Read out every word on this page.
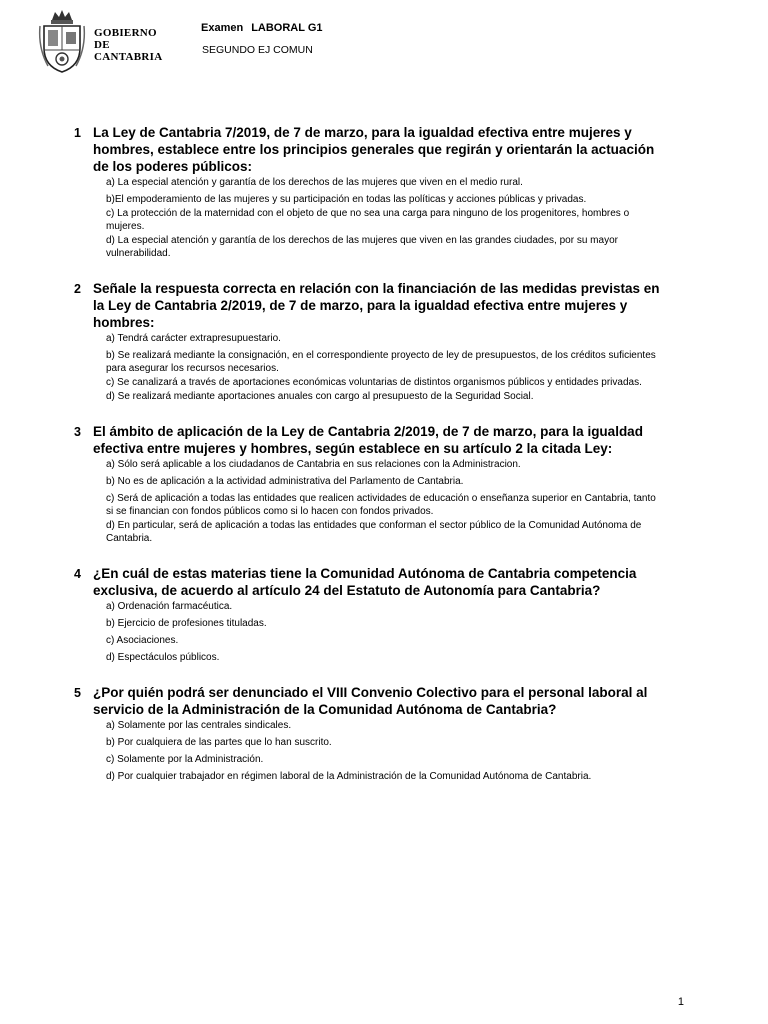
GOBIERNO
DE
CANTABRIA
Examen LABORAL G1
SEGUNDO EJ COMUN
1 La Ley de Cantabria 7/2019, de 7 de marzo, para la igualdad efectiva entre mujeres y hombres, establece entre los principios generales que regirán y orientarán la actuación de los poderes públicos:
a) La especial atención y garantía de los derechos de las mujeres que viven en el medio rural.
b)El empoderamiento de las mujeres y su participación en todas las políticas y acciones públicas y privadas.
c) La protección de la maternidad con el objeto de que no sea una carga para ninguno de los progenitores, hombres o mujeres.
d) La especial atención y garantía de los derechos de las mujeres que viven en las grandes ciudades, por su mayor vulnerabilidad.
2 Señale la respuesta correcta en relación con la financiación de las medidas previstas en la Ley de Cantabria 2/2019, de 7 de marzo, para la igualdad efectiva entre mujeres y hombres:
a) Tendrá carácter extrapresupuestario.
b) Se realizará mediante la consignación, en el correspondiente proyecto de ley de presupuestos, de los créditos suficientes para asegurar los recursos necesarios.
c) Se canalizará a través de aportaciones económicas voluntarias de distintos organismos públicos y entidades privadas.
d) Se realizará mediante aportaciones anuales con cargo al presupuesto de la Seguridad Social.
3 El ámbito de aplicación de la Ley de Cantabria 2/2019, de 7 de marzo, para la igualdad efectiva entre mujeres y hombres, según establece en su artículo 2 la citada Ley:
a) Sólo será aplicable a los ciudadanos de Cantabria en sus relaciones con la Administracion.
b) No es de aplicación a la actividad administrativa del Parlamento de Cantabria.
c) Será de aplicación a todas las entidades que realicen actividades de educación o enseñanza superior en Cantabria, tanto si se financian con fondos públicos como si lo hacen con fondos privados.
d) En particular, será de aplicación a todas las entidades que conforman el sector público de la Comunidad Autónoma de Cantabria.
4 ¿En cuál de estas materias tiene la Comunidad Autónoma de Cantabria competencia exclusiva, de acuerdo al artículo 24 del Estatuto de Autonomía para Cantabria?
a) Ordenación farmacéutica.
b) Ejercicio de profesiones tituladas.
c) Asociaciones.
d) Espectáculos públicos.
5 ¿Por quién podrá ser denunciado el VIII Convenio Colectivo para el personal laboral al servicio de la Administración de la Comunidad Autónoma de Cantabria?
a) Solamente por las centrales sindicales.
b) Por cualquiera de las partes que lo han suscrito.
c) Solamente por la Administración.
d) Por cualquier trabajador en régimen laboral de la Administración de la Comunidad Autónoma de Cantabria.
1
